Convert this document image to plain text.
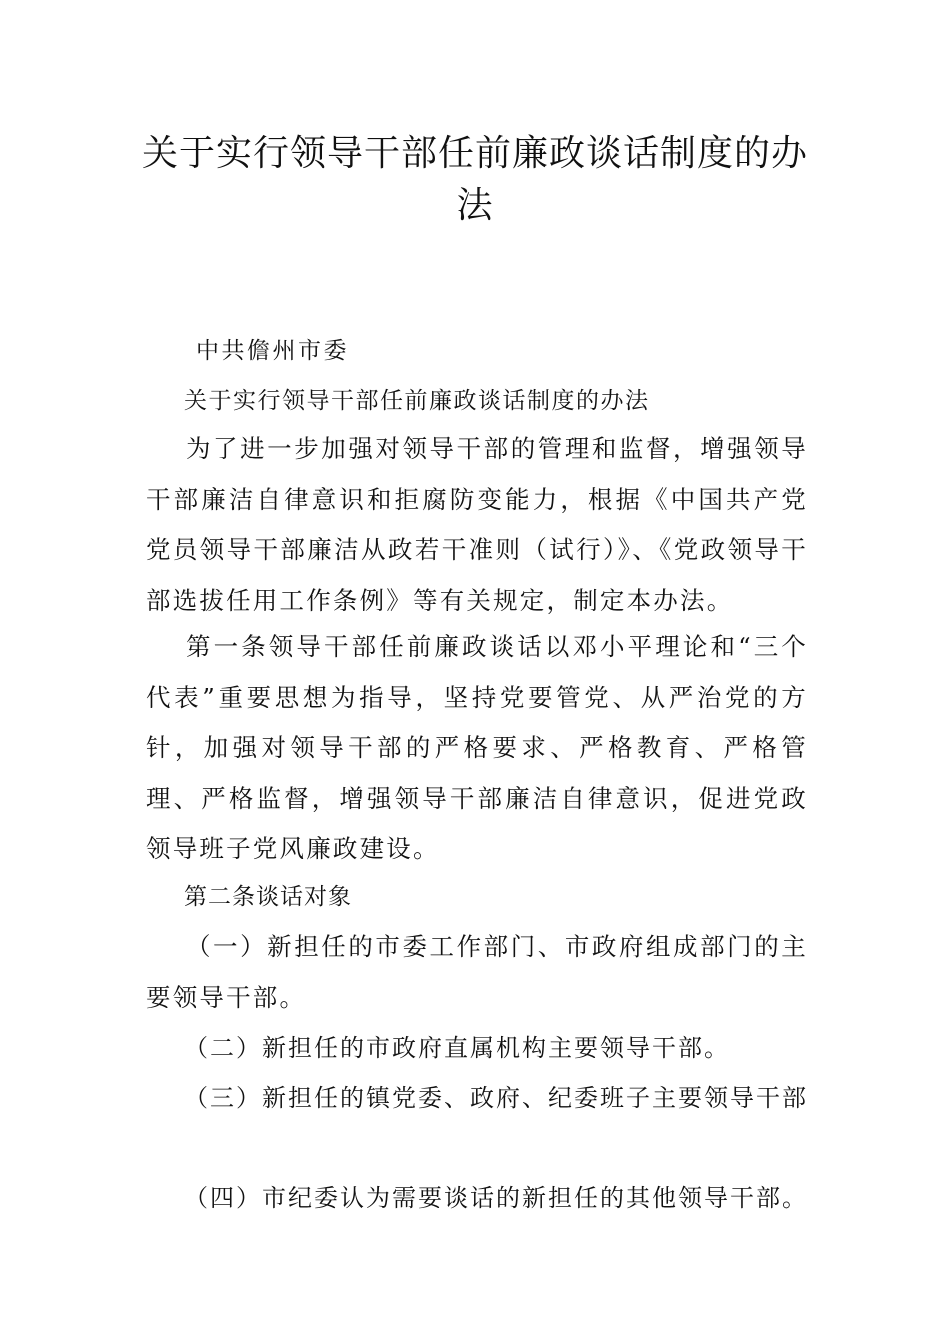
关于实行领导干部任前廉政谈话制度的办法

中共儋州市委

关于实行领导干部任前廉政谈话制度的办法

为了进一步加强对领导干部的管理和监督，增强领导干部廉洁自律意识和拒腐防变能力，根据《中国共产党党员领导干部廉洁从政若干准则（试行）》、《党政领导干部选拔任用工作条例》等有关规定，制定本办法。

第一条领导干部任前廉政谈话以邓小平理论和“三个代表”重要思想为指导，坚持党要管党、从严治党的方针，加强对领导干部的严格要求、严格教育、严格管理、严格监督，增强领导干部廉洁自律意识，促进党政领导班子党风廉政建设。

第二条谈话对象

（一）新担任的市委工作部门、市政府组成部门的主要领导干部。

（二）新担任的市政府直属机构主要领导干部。

（三）新担任的镇党委、政府、纪委班子主要领导干部

（四）市纪委认为需要谈话的新担任的其他领导干部。
